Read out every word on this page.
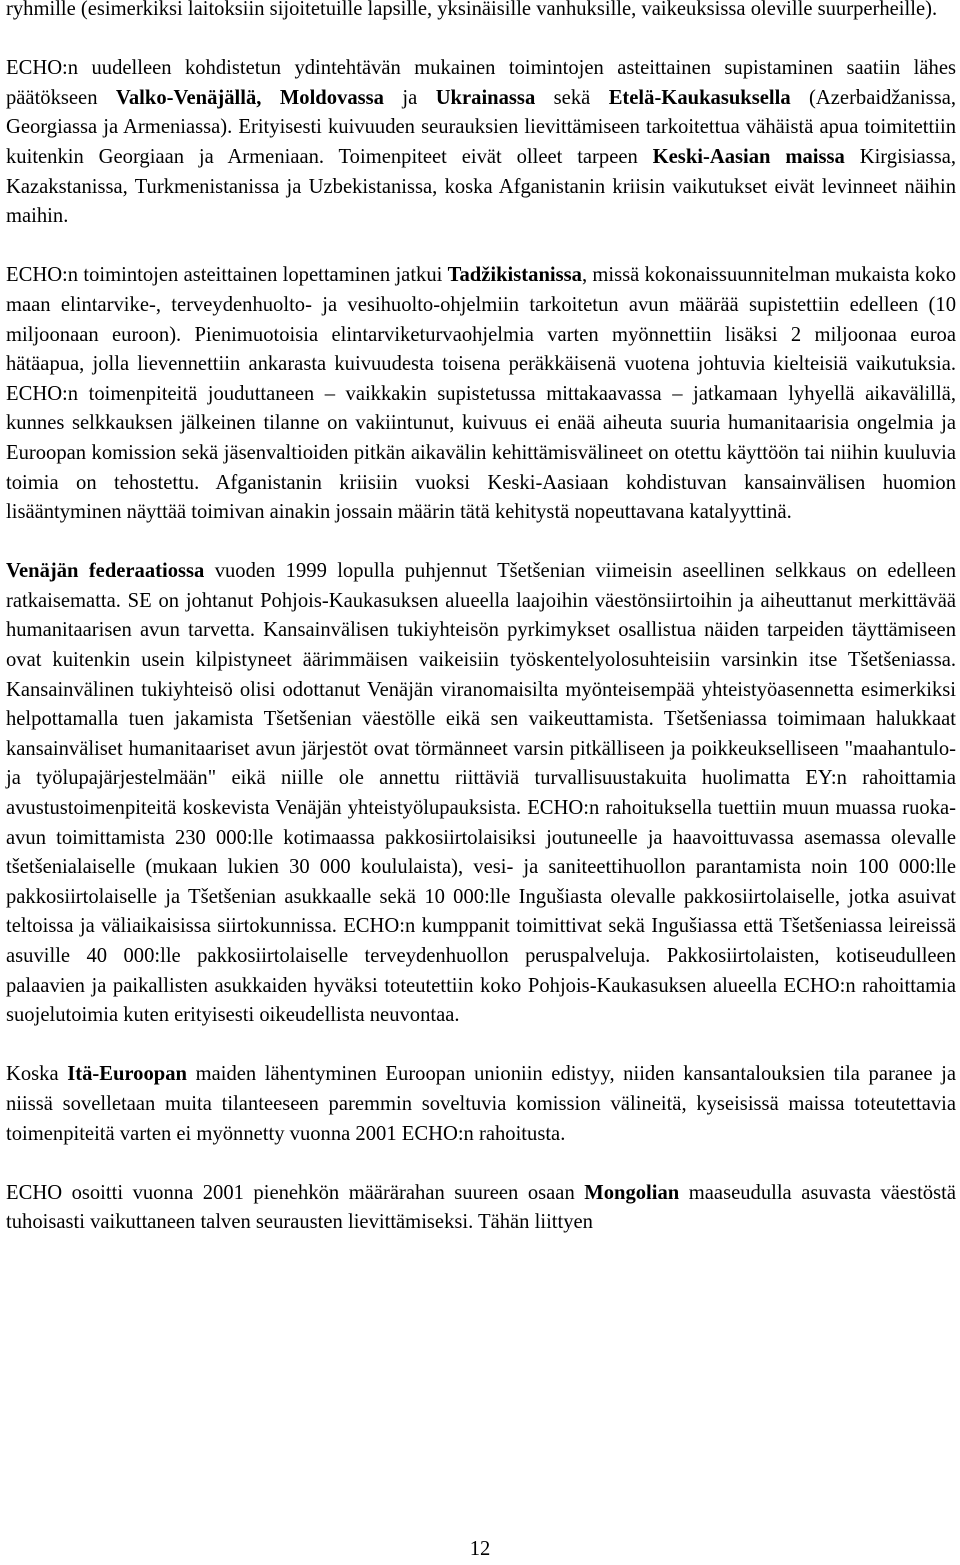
ryhmille (esimerkiksi laitoksiin sijoitetuille lapsille, yksinäisille vanhuksille, vaikeuksissa oleville suurperheille).

ECHO:n uudelleen kohdistetun ydintehtävän mukainen toimintojen asteittainen supistaminen saatiin lähes päätökseen Valko-Venäjällä, Moldovassa ja Ukrainassa sekä Etelä-Kaukasuksella (Azerbaidžanissa, Georgiassa ja Armeniassa). Erityisesti kuivuuden seurauksien lievittämiseen tarkoitettua vähäistä apua toimitettiin kuitenkin Georgiaan ja Armeniaan. Toimenpiteet eivät olleet tarpeen Keski-Aasian maissa Kirgisiassa, Kazakstanissa, Turkmenistanissa ja Uzbekistanissa, koska Afganistanin kriisin vaikutukset eivät levinneet näihin maihin.

ECHO:n toimintojen asteittainen lopettaminen jatkui Tadžikistanissa, missä kokonaissuunnitelman mukaista koko maan elintarvike-, terveydenhuolto- ja vesihuolto-ohjelmiin tarkoitetun avun määrää supistettiin edelleen (10 miljoonaan euroon). Pienimuotoisia elintarviketurvaohjelmia varten myönnettiin lisäksi 2 miljoonaa euroa hätäapua, jolla lievennettiin ankarasta kuivuudesta toisena peräkkäisenä vuotena johtuvia kielteisiä vaikutuksia. ECHO:n toimenpiteitä jouduttaneen – vaikkakin supistetussa mittakaavassa – jatkamaan lyhyellä aikavälillä, kunnes selkkauksen jälkeinen tilanne on vakiintunut, kuivuus ei enää aiheuta suuria humanitaarisia ongelmia ja Euroopan komission sekä jäsenvaltioiden pitkän aikavälin kehittämisvälineet on otettu käyttöön tai niihin kuuluvia toimia on tehostettu. Afganistanin kriisiin vuoksi Keski-Aasiaan kohdistuvan kansainvälisen huomion lisääntyminen näyttää toimivan ainakin jossain määrin tätä kehitystä nopeuttavana katalyyttinä.

Venäjän federaatiossa vuoden 1999 lopulla puhjennut Tšetšenian viimeisin aseellinen selkkaus on edelleen ratkaisematta. SE on johtanut Pohjois-Kaukasuksen alueella laajoihin väestönsiirtoihin ja aiheuttanut merkittävää humanitaarisen avun tarvetta. Kansainvälisen tukiyhteisön pyrkimykset osallistua näiden tarpeiden täyttämiseen ovat kuitenkin usein kilpistyneet äärimmäisen vaikeisiin työskentelyolosuhteisiin varsinkin itse Tšetšeniassa. Kansainvälinen tukiyhteisö olisi odottanut Venäjän viranomaisilta myönteisempää yhteistyöasennetta esimerkiksi helpottamalla tuen jakamista Tšetšenian väestölle eikä sen vaikeuttamista. Tšetšeniassa toimimaan halukkaat kansainväliset humanitaariset avun järjestöt ovat törmänneet varsin pitkälliseen ja poikkeukselliseen "maahantulo- ja työlupajärjestelmään" eikä niille ole annettu riittäviä turvallisuustakuita huolimatta EY:n rahoittamia avustustoimenpiteitä koskevista Venäjän yhteistyölupauksista. ECHO:n rahoituksella tuettiin muun muassa ruoka-avun toimittamista 230 000:lle kotimaassa pakkosiirtolaisiksi joutuneelle ja haavoittuvassa asemassa olevalle tšetšenialaiselle (mukaan lukien 30 000 koululaista), vesi- ja saniteettihuollon parantamista noin 100 000:lle pakkosiirtolaiselle ja Tšetšenian asukkaalle sekä 10 000:lle Ingušiasta olevalle pakkosiirtolaiselle, jotka asuivat teltoissa ja väliaikaisissa siirtokunnissa. ECHO:n kumppanit toimittivat sekä Ingušiassa että Tšetšeniassa leireissä asuville 40 000:lle pakkosiirtolaiselle terveydenhuollon peruspalveluja. Pakkosiirtolaisten, kotiseudulleen palaavien ja paikallisten asukkaiden hyväksi toteutettiin koko Pohjois-Kaukasuksen alueella ECHO:n rahoittamia suojelutoimia kuten erityisesti oikeudellista neuvontaa.

Koska Itä-Euroopan maiden lähentyminen Euroopan unioniin edistyy, niiden kansantalouksien tila paranee ja niissä sovelletaan muita tilanteeseen paremmin soveltuvia komission välineitä, kyseisissä maissa toteutettavia toimenpiteitä varten ei myönnetty vuonna 2001 ECHO:n rahoitusta.

ECHO osoitti vuonna 2001 pienehkön määrärahan suureen osaan Mongolian maaseudulla asuvasta väestöstä tuhoisasti vaikuttaneen talven seurausten lievittämiseksi. Tähän liittyen

12
